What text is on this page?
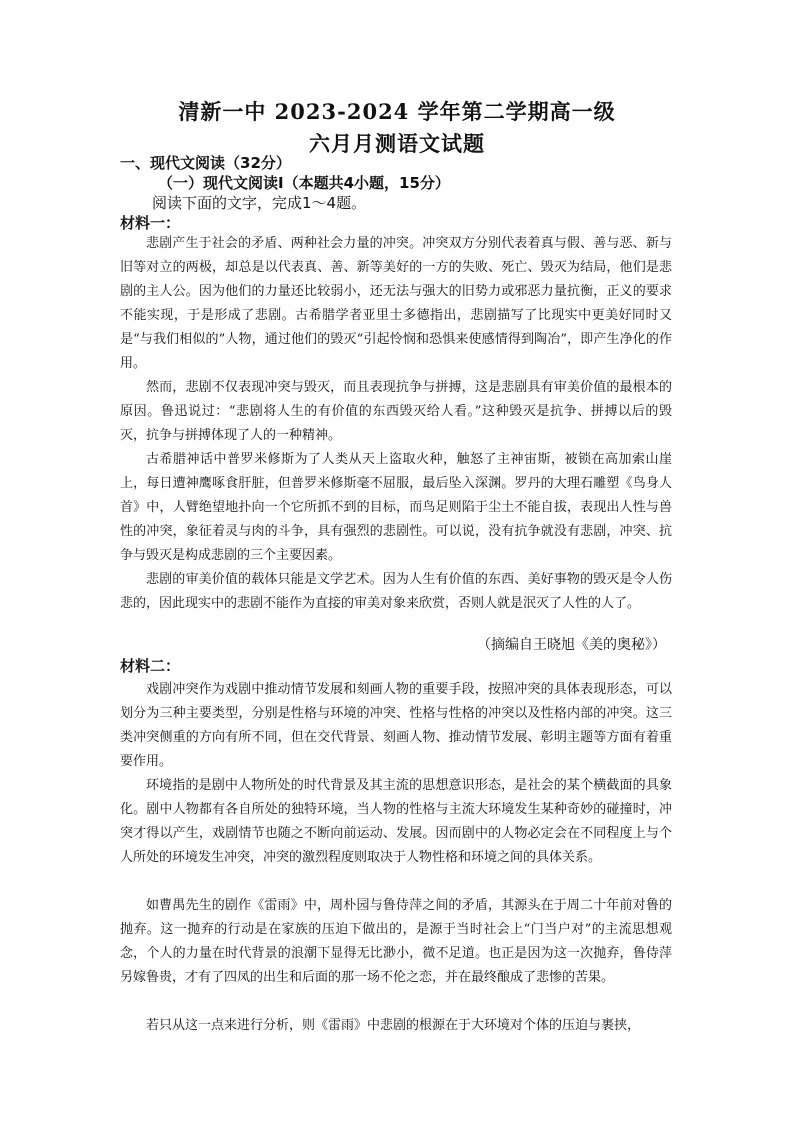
清新一中 2023-2024 学年第二学期高一级
六月月测语文试题
一、现代文阅读（32分）
（一）现代文阅读Ⅰ（本题共4小题，15分）
阅读下面的文字，完成1～4题。
材料一：

悲剧产生于社会的矛盾、两种社会力量的冲突。冲突双方分别代表着真与假、善与恶、新与旧等对立的两极，却总是以代表真、善、新等美好的一方的失败、死亡、毁灭为结局，他们是悲剧的主人公。因为他们的力量还比较弱小，还无法与强大的旧势力或邪恶力量抗衡，正义的要求不能实现，于是形成了悲剧。古希腊学者亚里士多德指出，悲剧描写了比现实中更美好同时又是“与我们相似的”人物，通过他们的毁灭“引起怜悯和恐惧来使感情得到陶冶”，即产生净化的作用。

然而，悲剧不仅表现冲突与毁灭，而且表现抗争与拼搏，这是悲剧具有审美价值的最根本的原因。鲁迅说过：“悲剧将人生的有价值的东西毁灭给人看。”这种毁灭是抗争、拼搏以后的毁灭，抗争与拼搏体现了人的一种精神。

古希腊神话中普罗米修斯为了人类从天上盗取火种，触怒了主神宙斯，被锁在高加索山崖上，每日遭神鹰啄食肝脏，但普罗米修斯毫不屈服，最后坠入深渊。罗丹的大理石雕塑《鸟身人首》中，人臂绝望地扑向一个它所抓不到的目标，而鸟足则陷于尘土不能自拔，表现出人性与兽性的冲突，象征着灵与肉的斗争，具有强烈的悲剧性。可以说，没有抗争就没有悲剧，冲突、抗争与毁灭是构成悲剧的三个主要因素。

悲剧的审美价值的载体只能是文学艺术。因为人生有价值的东西、美好事物的毁灭是令人伤悲的，因此现实中的悲剧不能作为直接的审美对象来欣赏，否则人就是泯灭了人性的人了。

（摘编自王晓旭《美的奥秘》）
材料二：

戏剧冲突作为戏剧中推动情节发展和刻画人物的重要手段，按照冲突的具体表现形态，可以划分为三种主要类型，分别是性格与环境的冲突、性格与性格的冲突以及性格内部的冲突。这三类冲突侧重的方向有所不同，但在交代背景、刻画人物、推动情节发展、彰明主题等方面有着重要作用。

环境指的是剧中人物所处的时代背景及其主流的思想意识形态，是社会的某个横截面的具象化。剧中人物都有各自所处的独特环境，当人物的性格与主流大环境发生某种奇妙的碰撞时，冲突才得以产生，戏剧情节也随之不断向前运动、发展。因而剧中的人物必定会在不同程度上与个人所处的环境发生冲突，冲突的激烈程度则取决于人物性格和环境之间的具体关系。

如曹禺先生的剧作《雷雨》中，周朴园与鲁侍萍之间的矛盾，其源头在于周二十年前对鲁的抛弃。这一抛弃的行动是在家族的压迫下做出的，是源于当时社会上“门当户对”的主流思想观念，个人的力量在时代背景的浪潮下显得无比渺小，微不足道。也正是因为这一次抛弃，鲁侍萍另嫁鲁贵，才有了四凤的出生和后面的那一场不伦之恋，并在最终酿成了悲惨的苦果。

若只从这一点来进行分析，则《雷雨》中悲剧的根源在于大环境对个体的压迫与裹挟，
